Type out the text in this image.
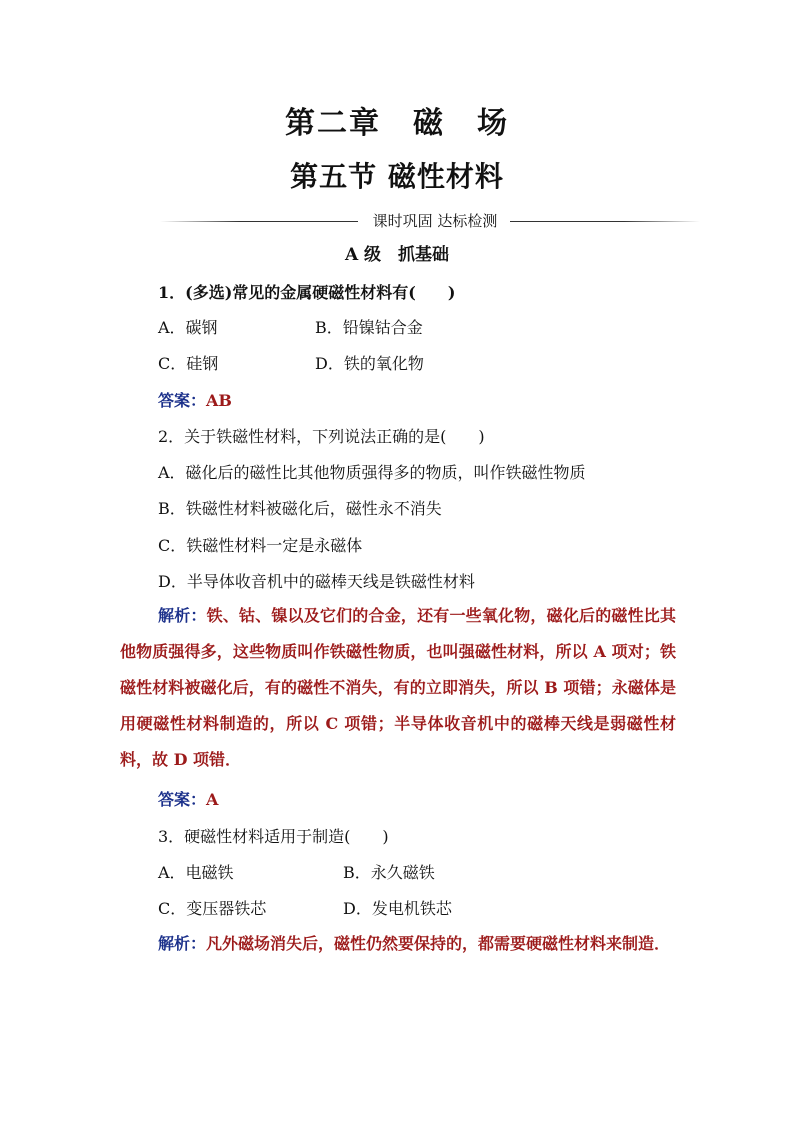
第二章　磁　场
第五节 磁性材料
课时巩固 达标检测
A 级　抓基础
1．(多选)常见的金属硬磁性材料有(　　)
A．碳钢	B．铅镍钴合金
C．硅钢	D．铁的氧化物
答案：AB
2．关于铁磁性材料，下列说法正确的是(　　)
A．磁化后的磁性比其他物质强得多的物质，叫作铁磁性物质
B．铁磁性材料被磁化后，磁性永不消失
C．铁磁性材料一定是永磁体
D．半导体收音机中的磁棒天线是铁磁性材料

解析：铁、钴、镍以及它们的合金，还有一些氧化物，磁化后的磁性比其他物质强得多，这些物质叫作铁磁性物质，也叫强磁性材料，所以 A 项对；铁磁性材料被磁化后，有的磁性不消失，有的立即消失，所以 B 项错；永磁体是用硬磁性材料制造的，所以 C 项错；半导体收音机中的磁棒天线是弱磁性材料，故 D 项错．

答案：A
3．硬磁性材料适用于制造(　　)
A．电磁铁	B．永久磁铁
C．变压器铁芯	D．发电机铁芯

解析：凡外磁场消失后，磁性仍然要保持的，都需要硬磁性材料来制造．
